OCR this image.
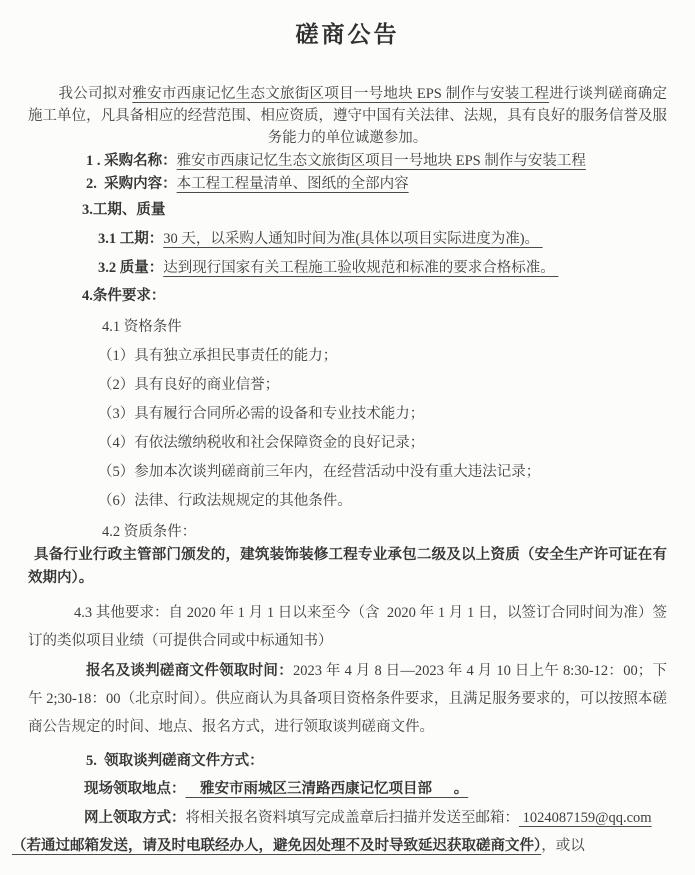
磋商公告

我公司拟对雅安市西康记忆生态文旅街区项目一号地块 EPS 制作与安装工程进行谈判磋商确定施工单位，凡具备相应的经营范围、相应资质，遵守中国有关法律、法规，具有良好的服务信誉及服务能力的单位诚邀参加。

1 . 采购名称：雅安市西康记忆生态文旅街区项目一号地块 EPS 制作与安装工程

2.  采购内容：本工程工程量清单、图纸的全部内容

3.工期、质量

3.1 工期：30 天，以采购人通知时间为准(具体以项目实际进度为准)。

3.2 质量：达到现行国家有关工程施工验收规范和标准的要求合格标准。

4.条件要求：

4.1 资格条件

（1）具有独立承担民事责任的能力；

（2）具有良好的商业信誉；

（3）具有履行合同所必需的设备和专业技术能力；

（4）有依法缴纳税收和社会保障资金的良好记录；

（5）参加本次谈判磋商前三年内，在经营活动中没有重大违法记录；

（6）法律、行政法规规定的其他条件。

4.2 资质条件：

具备行业行政主管部门颁发的，建筑装饰装修工程专业承包二级及以上资质（安全生产许可证在有效期内）。

4.3 其他要求：自 2020 年 1 月 1 日以来至今（含  2020 年 1 月 1 日，以签订合同时间为准）签订的类似项目业绩（可提供合同或中标通知书）

报名及谈判磋商文件领取时间：2023 年 4 月 8 日—2023 年 4 月 10 日上午 8:30-12：00；下午 2;30-18：00（北京时间）。供应商认为具备项目资格条件要求，且满足服务要求的，可以按照本磋商公告规定的时间、地点、报名方式，进行领取谈判磋商文件。

5.  领取谈判磋商文件方式：

现场领取地点：    雅安市雨城区三清路西康记忆项目部      。

网上领取方式：将相关报名资料填写完成盖章后扫描并发送至邮箱： 1024087159@qq.com

（若通过邮箱发送，请及时电联经办人，避免因处理不及时导致延迟获取磋商文件），或以
